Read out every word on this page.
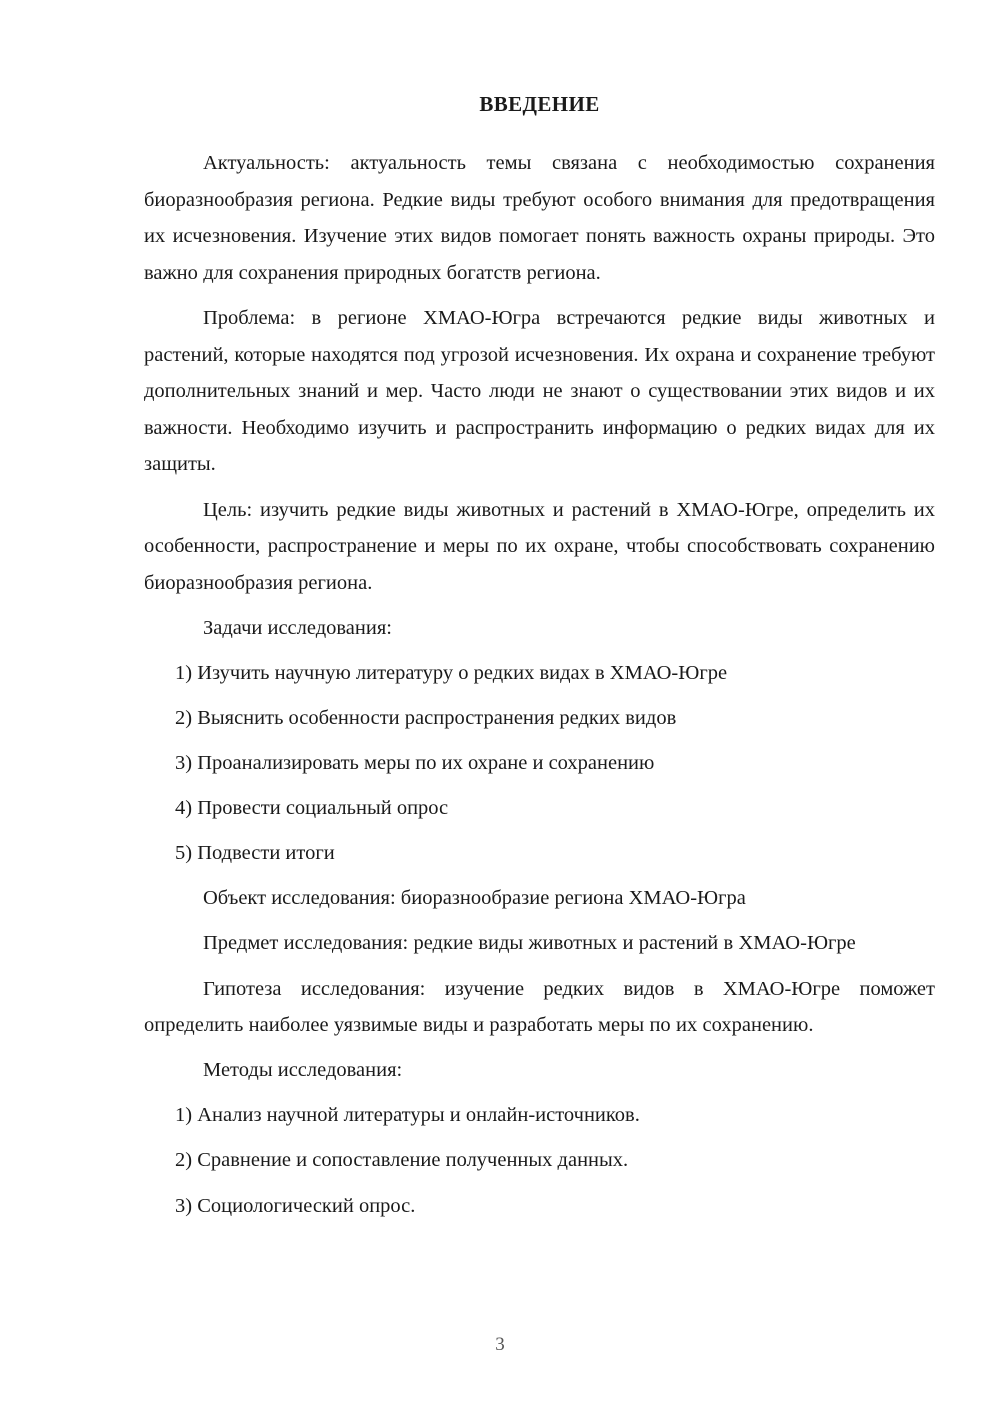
ВВЕДЕНИЕ

Актуальность: актуальность темы связана с необходимостью сохранения биоразнообразия региона. Редкие виды требуют особого внимания для предотвращения их исчезновения. Изучение этих видов помогает понять важность охраны природы. Это важно для сохранения природных богатств региона.

Проблема: в регионе ХМАО-Югра встречаются редкие виды животных и растений, которые находятся под угрозой исчезновения. Их охрана и сохранение требуют дополнительных знаний и мер. Часто люди не знают о существовании этих видов и их важности. Необходимо изучить и распространить информацию о редких видах для их защиты.

Цель: изучить редкие виды животных и растений в ХМАО-Югре, определить их особенности, распространение и меры по их охране, чтобы способствовать сохранению биоразнообразия региона.

Задачи исследования:

1) Изучить научную литературу о редких видах в ХМАО-Югре
2) Выяснить особенности распространения редких видов
3) Проанализировать меры по их охране и сохранению
4) Провести социальный опрос
5) Подвести итоги

Объект исследования: биоразнообразие региона ХМАО-Югра

Предмет исследования: редкие виды животных и растений в ХМАО-Югре

Гипотеза исследования: изучение редких видов в ХМАО-Югре поможет определить наиболее уязвимые виды и разработать меры по их сохранению.

Методы исследования:

1) Анализ научной литературы и онлайн-источников.
2) Сравнение и сопоставление полученных данных.
3) Социологический опрос.
3
